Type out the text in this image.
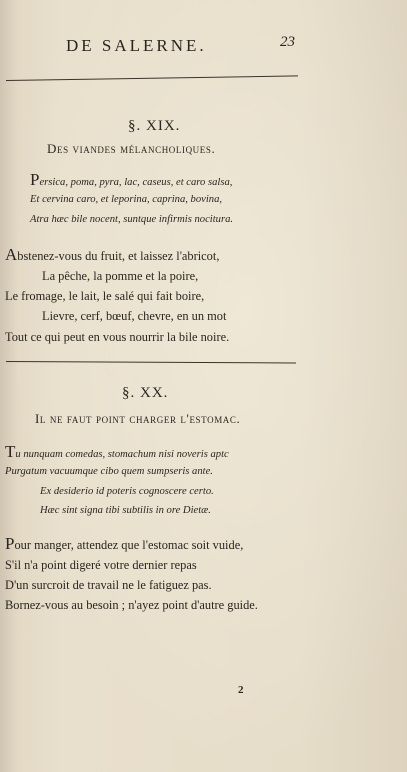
DE SALERNE.	23
§. XIX.
Des viandes mélancholiques.
Persica, poma, pyra, lac, caseus, et caro salsa,
Et cervina caro, et leporina, caprina, bovina,
Atra hæc bile nocent, suntque infirmis nocitura.
Abstenez-vous du fruit, et laissez l'abricot,
La pêche, la pomme et la poire,
Le fromage, le lait, le salé qui fait boire,
Lievre, cerf, bœuf, chevre, en un mot
Tout ce qui peut en vous nourrir la bile noire.
§. XX.
Il ne faut point charger l'estomac.
Tu nunquam comedas, stomachum nisi noveris aptc
Purgatum vacuumque cibo quem sumpseris ante.
Ex desiderio id poteris cognoscere certo.
Hæc sint signa tibi subtilis in ore Dietæ.
Pour manger, attendez que l'estomac soit vuide,
S'il n'a point digeré votre dernier repas
D'un surcroit de travail ne le fatiguez pas.
Bornez-vous au besoin ; n'ayez point d'autre guide.
2
